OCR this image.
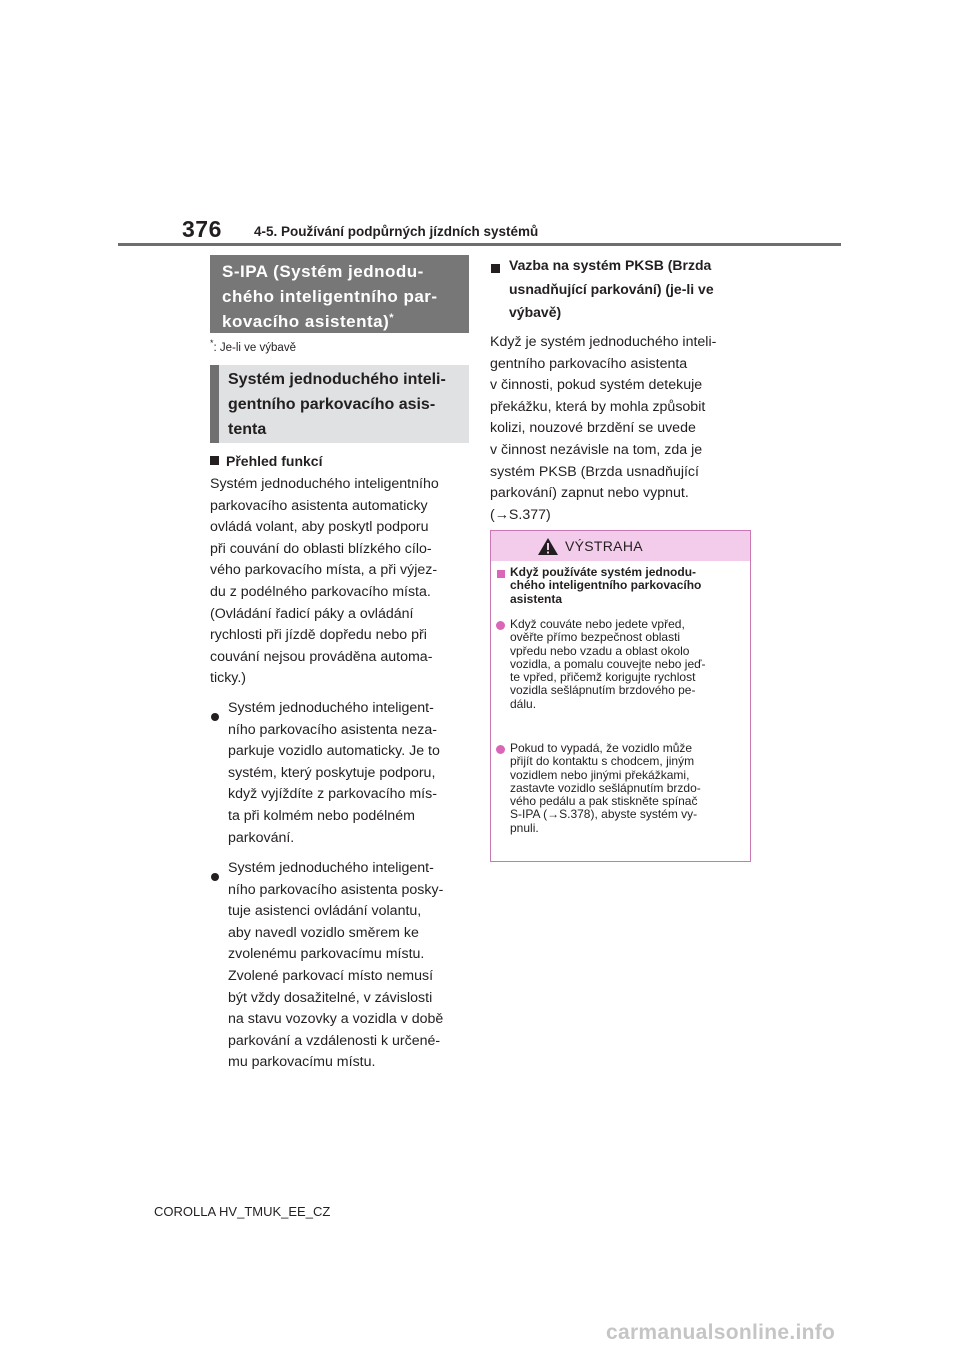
376 4-5. Používání podpůrných jízdních systémů
S-IPA (Systém jednodu-
chého inteligentního par-
kovacího asistenta)*
*: Je-li ve výbavě
Systém jednoduchého inteli-
gentního parkovacího asis-
tenta
Přehled funkcí
Systém jednoduchého inteligentního
parkovacího asistenta automaticky
ovládá volant, aby poskytl podporu
při couvání do oblasti blízkého cílo-
vého parkovacího místa, a při výjez-
du z podélného parkovacího místa.
(Ovládání řadicí páky a ovládání
rychlosti při jízdě dopředu nebo při
couvání nejsou prováděna automa-
ticky.)
Systém jednoduchého inteligent-
ního parkovacího asistenta neza-
parkuje vozidlo automaticky. Je to
systém, který poskytuje podporu,
když vyjíždíte z parkovacího mís-
ta při kolmém nebo podélném
parkování.
Systém jednoduchého inteligent-
ního parkovacího asistenta posky-
tuje asistenci ovládání volantu,
aby navedl vozidlo směrem ke
zvolenému parkovacímu místu.
Zvolené parkovací místo nemusí
být vždy dosažitelné, v závislosti
na stavu vozovky a vozidla v době
parkování a vzdálenosti k určené-
mu parkovacímu místu.
Vazba na systém PKSB (Brzda
usnadňující parkování) (je-li ve
výbavě)
Když je systém jednoduchého inteli-
gentního parkovacího asistenta
v činnosti, pokud systém detekuje
překážku, která by mohla způsobit
kolizi, nouzové brzdění se uvede
v činnost nezávisle na tom, zda je
systém PKSB (Brzda usnadňující
parkování) zapnut nebo vypnut.
(→S.377)
VÝSTRAHA
Když používáte systém jednodu-
chého inteligentního parkovacího
asistenta
Když couváte nebo jedete vpřed,
ověřte přímo bezpečnost oblasti
vpředu nebo vzadu a oblast okolo
vozidla, a pomalu couvejte nebo jeď-
te vpřed, přičemž korigujte rychlost
vozidla sešlápnutím brzdového pe-
dálu.
Pokud to vypadá, že vozidlo může
přijít do kontaktu s chodcem, jiným
vozidlem nebo jinými překážkami,
zastavte vozidlo sešlápnutím brzdo-
vého pedálu a pak stiskněte spínač
S-IPA (→S.378), abyste systém vy-
pnuli.
COROLLA HV_TMUK_EE_CZ
carmanualsonline.info
